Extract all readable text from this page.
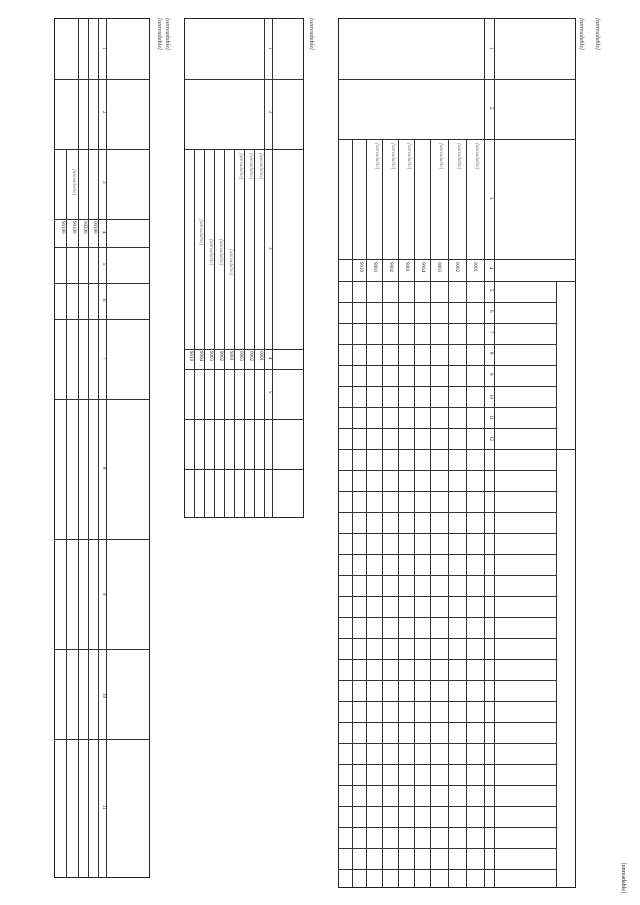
[unreadable]
[unreadable]
[unreadable]
1
2
3
4
5
6
7
8
9
10
11
12
[unreadable]
0001
[unreadable]
0002
[unreadable]
0003
0004
[unreadable]
9001
[unreadable]
9002
[unreadable]
9003
9010
[unreadable]
1
2
3
4
5
[unreadable]
0001
[unreadable]
0002
[unreadable]
0003
[unreadable]
9001
[unreadable]
9002
[unreadable]
9003
[unreadable]
9004
9010
[unreadable]
[unreadable]
1
2
3
4
5
6
7
8
9
10
11
00100
00200
[unreadable]
90100
90100
